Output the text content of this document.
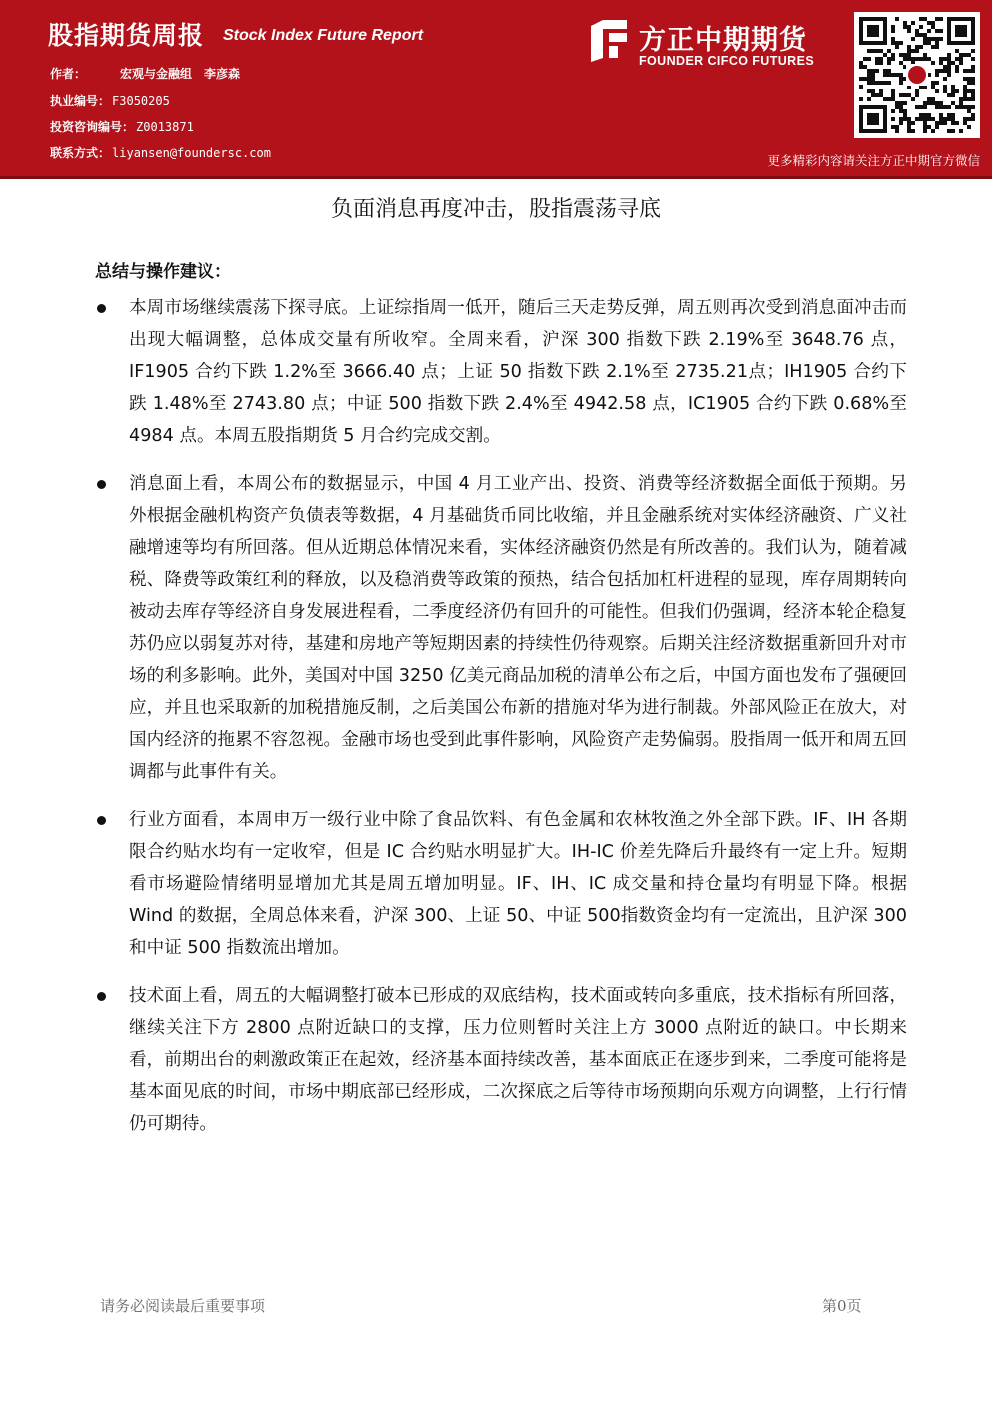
股指期货周报 Stock Index Future Report
作者：	宏观与金融组 李彦森
执业编号： F3050205
投资咨询编号： Z0013871
联系方式： liyansen@foundersc.com
方正中期期货
FOUNDER CIFCO FUTURES
更多精彩内容请关注方正中期官方微信
负面消息再度冲击，股指震荡寻底
总结与操作建议：
本周市场继续震荡下探寻底。上证综指周一低开，随后三天走势反弹，周五则再次受到消息面冲击而出现大幅调整，总体成交量有所收窄。全周来看，沪深 300 指数下跌 2.19%至 3648.76 点，IF1905 合约下跌 1.2%至 3666.40 点；上证 50 指数下跌 2.1%至 2735.21点；IH1905 合约下跌 1.48%至 2743.80 点；中证 500 指数下跌 2.4%至 4942.58 点，IC1905 合约下跌 0.68%至 4984 点。本周五股指期货 5 月合约完成交割。
消息面上看，本周公布的数据显示，中国 4 月工业产出、投资、消费等经济数据全面低于预期。另外根据金融机构资产负债表等数据，4 月基础货币同比收缩，并且金融系统对实体经济融资、广义社融增速等均有所回落。但从近期总体情况来看，实体经济融资仍然是有所改善的。我们认为，随着减税、降费等政策红利的释放，以及稳消费等政策的预热，结合包括加杠杆进程的显现，库存周期转向被动去库存等经济自身发展进程看，二季度经济仍有回升的可能性。但我们仍强调，经济本轮企稳复苏仍应以弱复苏对待，基建和房地产等短期因素的持续性仍待观察。后期关注经济数据重新回升对市场的利多影响。此外，美国对中国 3250 亿美元商品加税的清单公布之后，中国方面也发布了强硬回应，并且也采取新的加税措施反制，之后美国公布新的措施对华为进行制裁。外部风险正在放大，对国内经济的拖累不容忽视。金融市场也受到此事件影响，风险资产走势偏弱。股指周一低开和周五回调都与此事件有关。
行业方面看，本周申万一级行业中除了食品饮料、有色金属和农林牧渔之外全部下跌。IF、IH 各期限合约贴水均有一定收窄，但是 IC 合约贴水明显扩大。IH-IC 价差先降后升最终有一定上升。短期看市场避险情绪明显增加尤其是周五增加明显。IF、IH、IC 成交量和持仓量均有明显下降。根据 Wind 的数据，全周总体来看，沪深 300、上证 50、中证 500指数资金均有一定流出，且沪深 300 和中证 500 指数流出增加。
技术面上看，周五的大幅调整打破本已形成的双底结构，技术面或转向多重底，技术指标有所回落，继续关注下方 2800 点附近缺口的支撑，压力位则暂时关注上方 3000 点附近的缺口。中长期来看，前期出台的刺激政策正在起效，经济基本面持续改善，基本面底正在逐步到来，二季度可能将是基本面见底的时间，市场中期底部已经形成，二次探底之后等待市场预期向乐观方向调整，上行行情仍可期待。
请务必阅读最后重要事项	第0页
